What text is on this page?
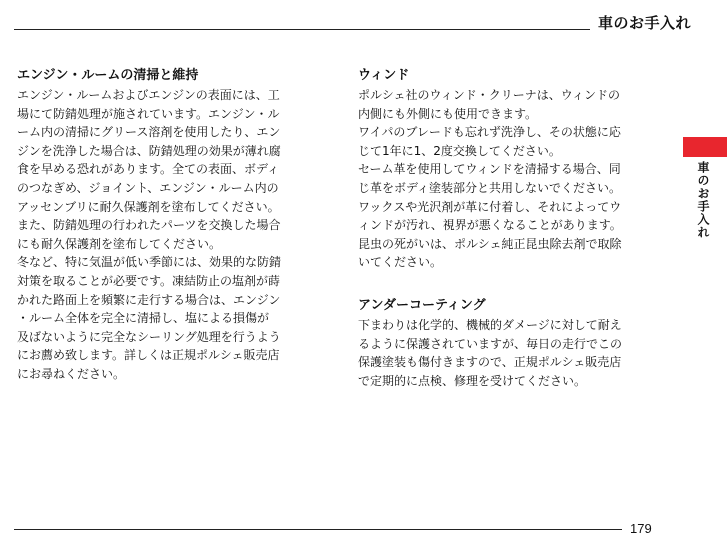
車のお手入れ
エンジン・ルームの清掃と維持
エンジン・ルームおよびエンジンの表面には、工
場にて防錆処理が施されています。エンジン・ル
ーム内の清掃にグリース溶剤を使用したり、エン
ジンを洗浄した場合は、防錆処理の効果が薄れ腐
食を早める恐れがあります。全ての表面、ボディ
のつなぎめ、ジョイント、エンジン・ルーム内の
アッセンブリに耐久保護剤を塗布してください。
また、防錆処理の行われたパーツを交換した場合
にも耐久保護剤を塗布してください。
冬など、特に気温が低い季節には、効果的な防錆
対策を取ることが必要です。凍結防止の塩剤が蒔
かれた路面上を頻繁に走行する場合は、エンジン
・ルーム全体を完全に清掃し、塩による損傷が
及ばないように完全なシーリング処理を行うよう
にお薦め致します。詳しくは正規ポルシェ販売店
にお尋ねください。
ウィンド
ポルシェ社のウィンド・クリーナは、ウィンドの
内側にも外側にも使用できます。
ワイパのブレードも忘れず洗浄し、その状態に応
じて1年に1、2度交換してください。
セーム革を使用してウィンドを清掃する場合、同
じ革をボディ塗装部分と共用しないでください。
ワックスや光沢剤が革に付着し、それによってウ
ィンドが汚れ、視界が悪くなることがあります。
昆虫の死がいは、ポルシェ純正昆虫除去剤で取除
いてください。
アンダーコーティング
下まわりは化学的、機械的ダメージに対して耐え
るように保護されていますが、毎日の走行でこの
保護塗装も傷付きますので、正規ポルシェ販売店
で定期的に点検、修理を受けてください。
車のお手入れ
179
